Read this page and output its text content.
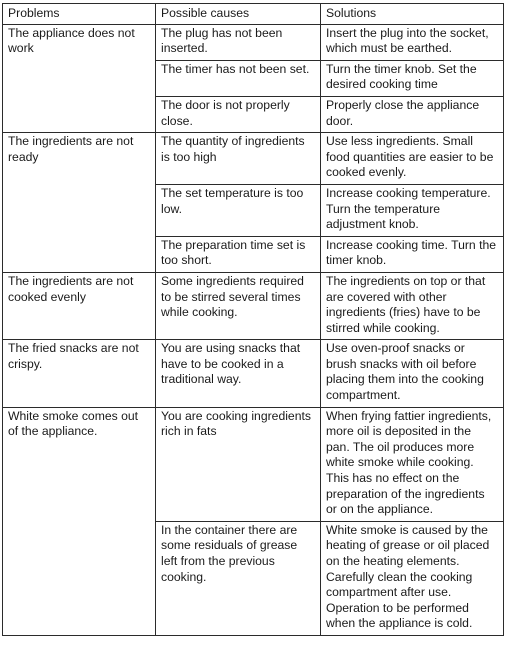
Problems	Possible causes	Solutions
The appliance does not work	The plug has not been inserted.	Insert the plug into the socket, which must be earthed.
	The timer has not been set.	Turn the timer knob. Set the desired cooking time
	The door is not properly close.	Properly close the appliance door.
The ingredients are not ready	The quantity of ingredients is too high	Use less ingredients. Small food quantities are easier to be cooked evenly.
	The set temperature is too low.	Increase cooking temperature. Turn the temperature adjustment knob.
	The preparation time set is too short.	Increase cooking time. Turn the timer knob.
The ingredients are not cooked evenly	Some ingredients required to be stirred several times while cooking.	The ingredients on top or that are covered with other ingredients (fries) have to be stirred while cooking.
The fried snacks are not crispy.	You are using snacks that have to be cooked in a traditional way.	Use oven-proof snacks or brush snacks with oil before placing them into the cooking compartment.
White smoke comes out of the appliance.	You are cooking ingredients rich in fats	When frying fattier ingredients, more oil is deposited in the pan. The oil produces more white smoke while cooking. This has no effect on the preparation of the ingredients or on the appliance.
	In the container there are some residuals of grease left from the previous cooking.	White smoke is caused by the heating of grease or oil placed on the heating elements. Carefully clean the cooking compartment after use. Operation to be performed when the appliance is cold.
